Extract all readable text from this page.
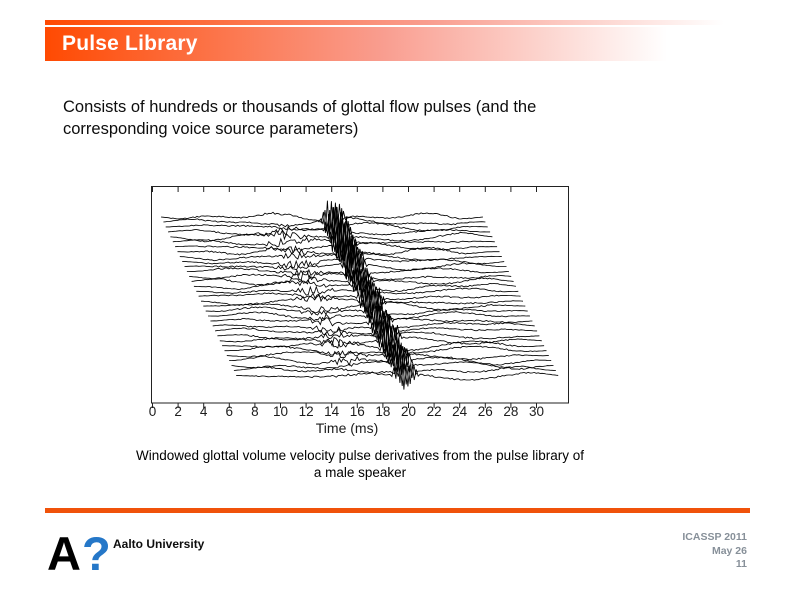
Pulse Library
Consists of hundreds or thousands of glottal flow pulses (and the
corresponding voice source parameters)
0	2	4	6	8	10 12 14 16 18 20 22 24 26 28 30
Time (ms)
Windowed glottal volume velocity pulse derivatives from the pulse library of
a male speaker
A ? Aalto University	ICASSP 2011
May 26
11
